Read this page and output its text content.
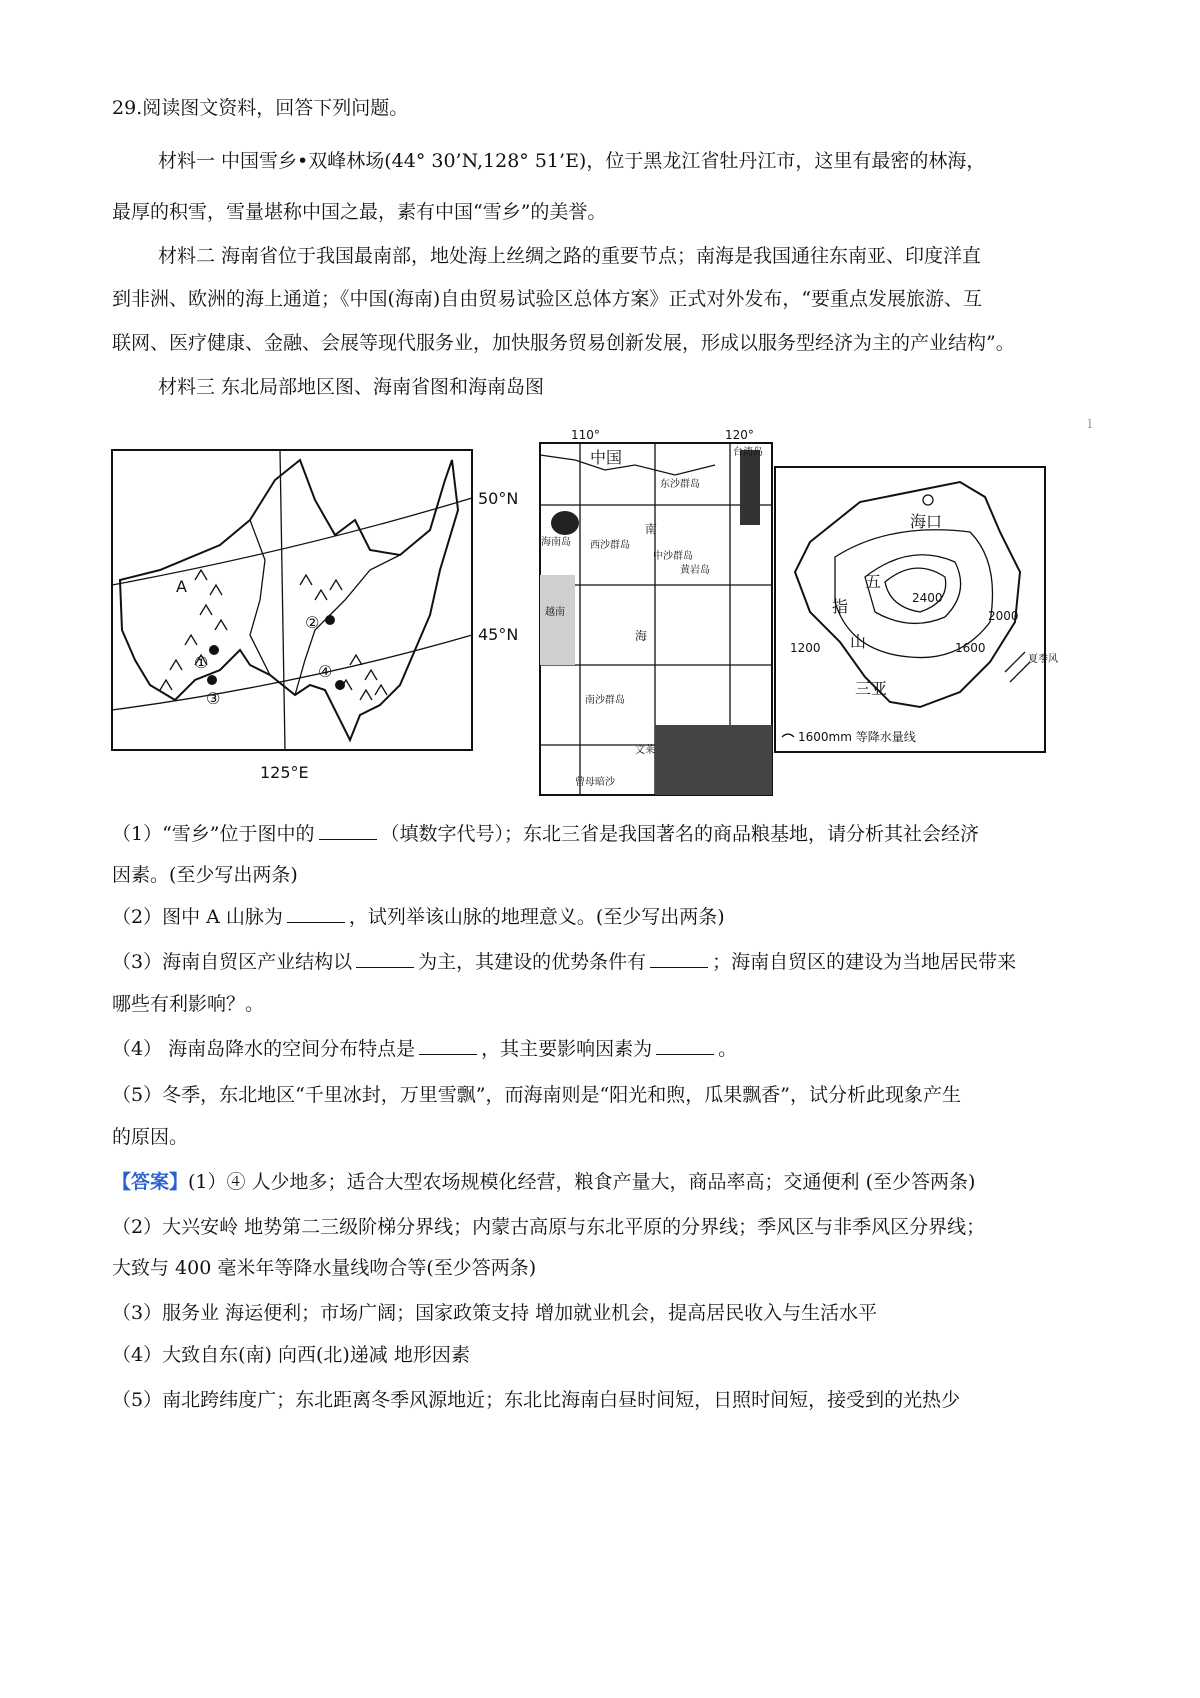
29.阅读图文资料，回答下列问题。
材料一 中国雪乡•双峰林场(44° 30’N,128° 51’E)，位于黑龙江省牡丹江市，这里有最密的林海，
最厚的积雪，雪量堪称中国之最，素有中国“雪乡”的美誉。
材料二 海南省位于我国最南部，地处海上丝绸之路的重要节点；南海是我国通往东南亚、印度洋直
到非洲、欧洲的海上通道；《中国(海南)自由贸易试验区总体方案》正式对外发布，“要重点发展旅游、互
联网、医疗健康、金融、会展等现代服务业，加快服务贸易创新发展，形成以服务型经济为主的产业结构”。
材料三 东北局部地区图、海南省图和海南岛图
l
50°N
45°N
125°E
A
①
②
③
④
110°	120°
中国	台湾岛
东沙群岛
海南岛
南
西沙群岛
中沙群岛
黄岩岛
越南
海
南沙群岛
文莱
曾母暗沙
海口
五
指
山
三亚
2400
2000
1600
1200
夏季风
1600mm 等降水量线
（1）“雪乡”位于图中的	（填数字代号）；东北三省是我国著名的商品粮基地，请分析其社会经济
因素。(至少写出两条)
（2）图中 A 山脉为	，试列举该山脉的地理意义。(至少写出两条)
（3）海南自贸区产业结构以	为主，其建设的优势条件有	；海南自贸区的建设为当地居民带来
哪些有利影响？。
（4） 海南岛降水的空间分布特点是	，其主要影响因素为	。
（5）冬季，东北地区“千里冰封，万里雪飘”，而海南则是“阳光和煦，瓜果飘香”，试分析此现象产生
的原因。
【答案】(1）④ 人少地多；适合大型农场规模化经营，粮食产量大，商品率高；交通便利 (至少答两条)
（2）大兴安岭 地势第二三级阶梯分界线；内蒙古高原与东北平原的分界线；季风区与非季风区分界线；
大致与 400 毫米年等降水量线吻合等(至少答两条)
（3）服务业 海运便利；市场广阔；国家政策支持 增加就业机会，提高居民收入与生活水平
（4）大致自东(南) 向西(北)递减 地形因素
（5）南北跨纬度广；东北距离冬季风源地近；东北比海南白昼时间短，日照时间短，接受到的光热少
